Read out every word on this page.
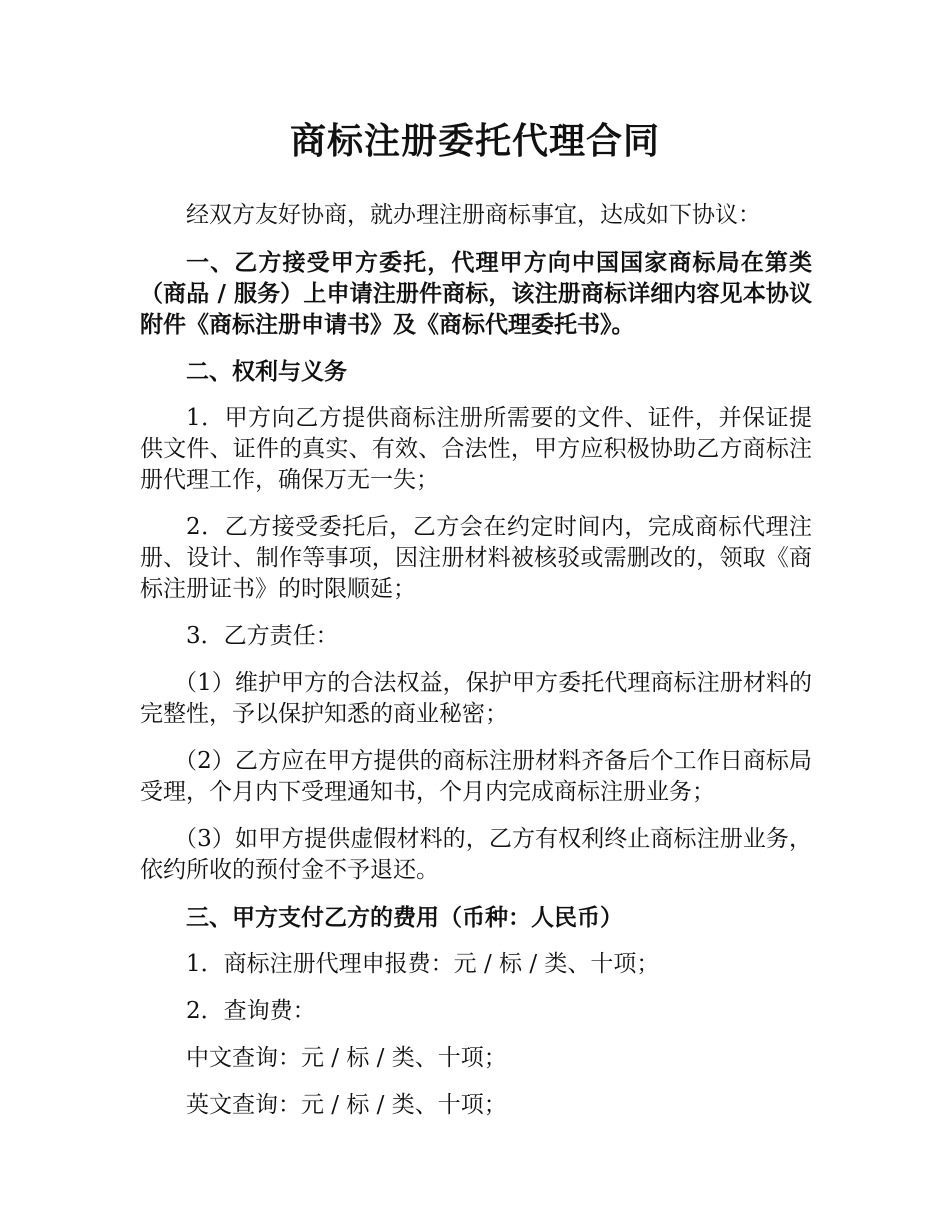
商标注册委托代理合同

经双方友好协商，就办理注册商标事宜，达成如下协议：

一、乙方接受甲方委托，代理甲方向中国国家商标局在第类（商品 / 服务）上申请注册件商标，该注册商标详细内容见本协议附件《商标注册申请书》及《商标代理委托书》。

二、权利与义务

1．甲方向乙方提供商标注册所需要的文件、证件，并保证提供文件、证件的真实、有效、合法性，甲方应积极协助乙方商标注册代理工作，确保万无一失；

2．乙方接受委托后，乙方会在约定时间内，完成商标代理注册、设计、制作等事项，因注册材料被核驳或需删改的，领取《商标注册证书》的时限顺延；

3．乙方责任：

（1）维护甲方的合法权益，保护甲方委托代理商标注册材料的完整性，予以保护知悉的商业秘密；

（2）乙方应在甲方提供的商标注册材料齐备后个工作日商标局受理，个月内下受理通知书，个月内完成商标注册业务；

（3）如甲方提供虚假材料的，乙方有权利终止商标注册业务，依约所收的预付金不予退还。

三、甲方支付乙方的费用（币种：人民币）

1．商标注册代理申报费：元 / 标 / 类、十项；

2．查询费：

中文查询：元 / 标 / 类、十项；

英文查询：元 / 标 / 类、十项；
